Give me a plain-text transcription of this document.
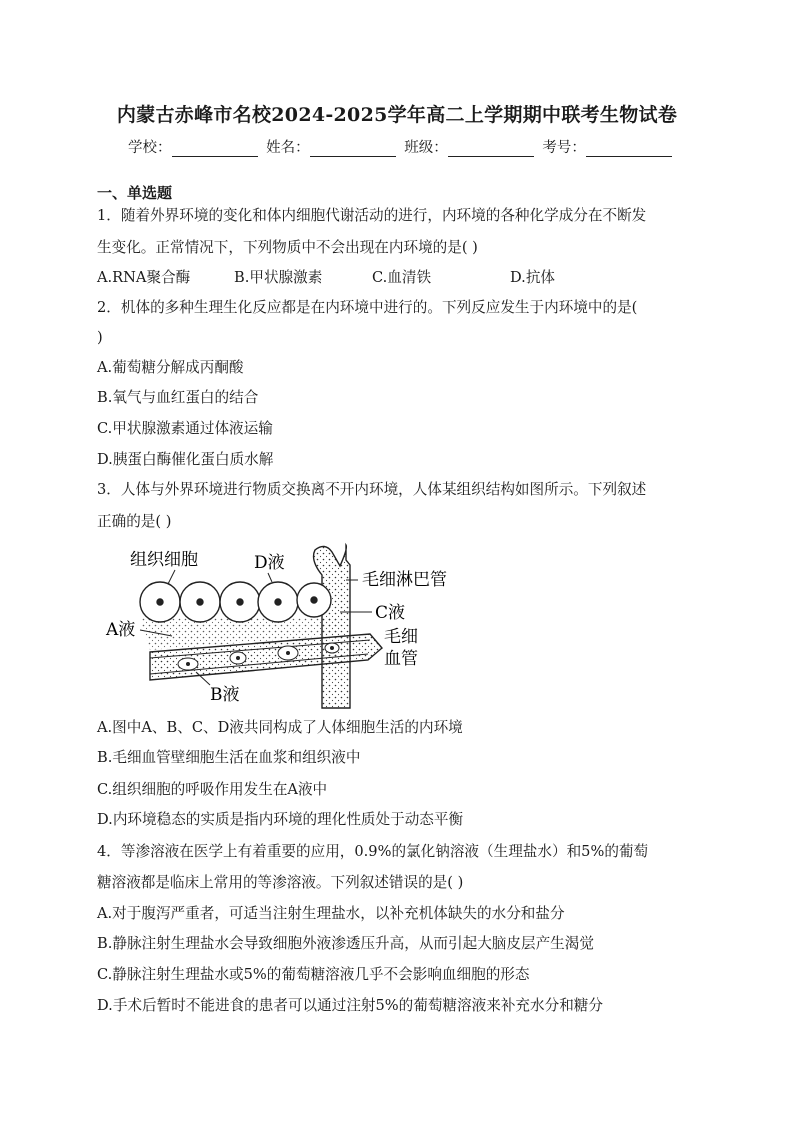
内蒙古赤峰市名校2024-2025学年高二上学期期中联考生物试卷
学校：	姓名：	班级：	考号：
一、单选题
1．随着外界环境的变化和体内细胞代谢活动的进行，内环境的各种化学成分在不断发
生变化。正常情况下，下列物质中不会出现在内环境的是( )
A.RNA聚合酶	B.甲状腺激素	C.血清铁	D.抗体
2．机体的多种生理生化反应都是在内环境中进行的。下列反应发生于内环境中的是(
)
A.葡萄糖分解成丙酮酸
B.氧气与血红蛋白的结合
C.甲状腺激素通过体液运输
D.胰蛋白酶催化蛋白质水解
3．人体与外界环境进行物质交换离不开内环境，人体某组织结构如图所示。下列叙述
正确的是( )
组织细胞	D液
毛细淋巴管
C液
A液	毛细
血管
B液
A.图中A、B、C、D液共同构成了人体细胞生活的内环境
B.毛细血管壁细胞生活在血浆和组织液中
C.组织细胞的呼吸作用发生在A液中
D.内环境稳态的实质是指内环境的理化性质处于动态平衡
4．等渗溶液在医学上有着重要的应用，0.9%的氯化钠溶液（生理盐水）和5%的葡萄
糖溶液都是临床上常用的等渗溶液。下列叙述错误的是( )
A.对于腹泻严重者，可适当注射生理盐水，以补充机体缺失的水分和盐分
B.静脉注射生理盐水会导致细胞外液渗透压升高，从而引起大脑皮层产生渴觉
C.静脉注射生理盐水或5%的葡萄糖溶液几乎不会影响血细胞的形态
D.手术后暂时不能进食的患者可以通过注射5%的葡萄糖溶液来补充水分和糖分
